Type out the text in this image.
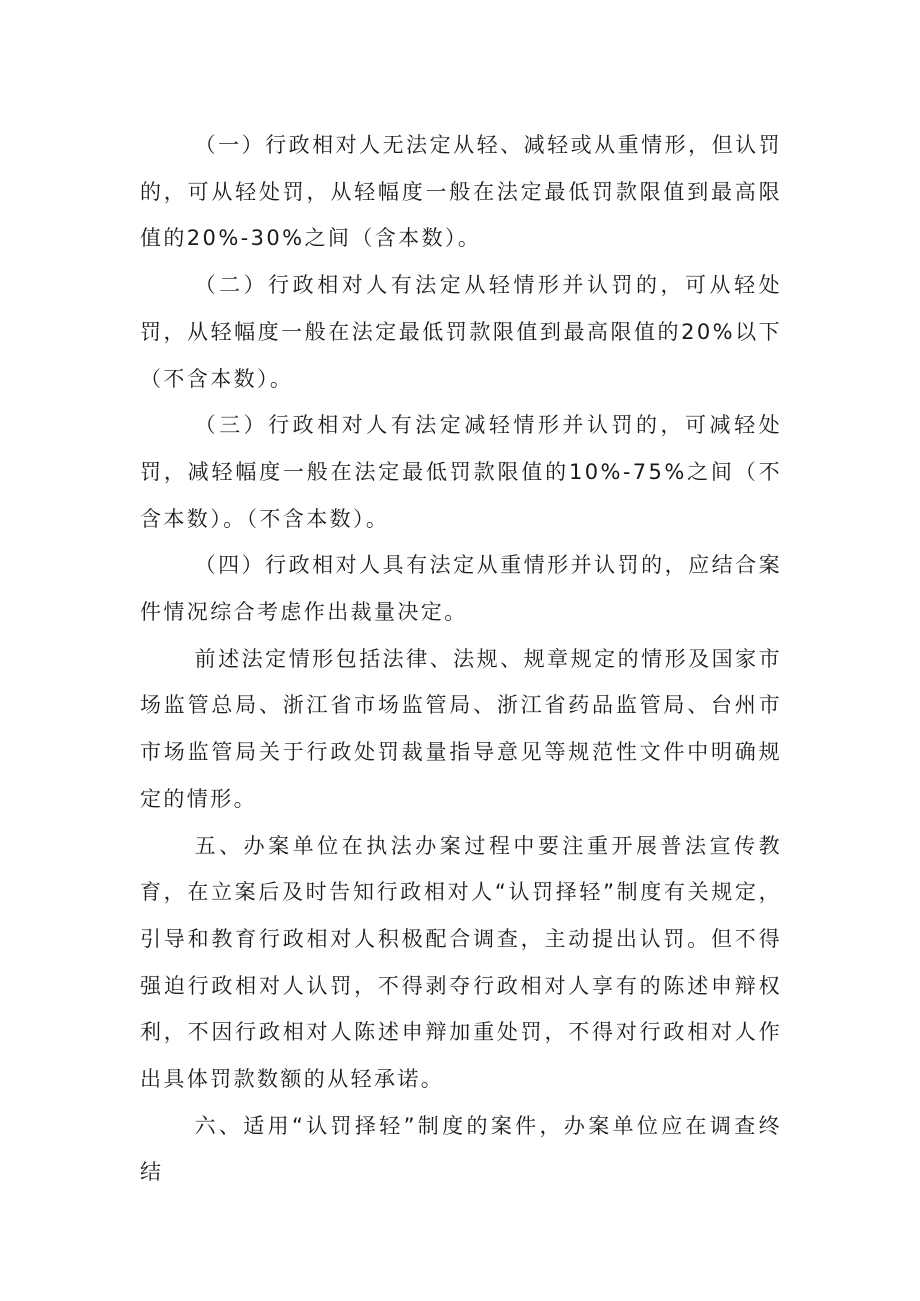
（一）行政相对人无法定从轻、减轻或从重情形，但认罚的，可从轻处罚，从轻幅度一般在法定最低罚款限值到最高限值的20%-30%之间（含本数）。

（二）行政相对人有法定从轻情形并认罚的，可从轻处罚，从轻幅度一般在法定最低罚款限值到最高限值的20%以下（不含本数）。

（三）行政相对人有法定减轻情形并认罚的，可减轻处罚，减轻幅度一般在法定最低罚款限值的10%-75%之间（不含本数）。（不含本数）。

（四）行政相对人具有法定从重情形并认罚的，应结合案件情况综合考虑作出裁量决定。

前述法定情形包括法律、法规、规章规定的情形及国家市场监管总局、浙江省市场监管局、浙江省药品监管局、台州市市场监管局关于行政处罚裁量指导意见等规范性文件中明确规定的情形。

五、办案单位在执法办案过程中要注重开展普法宣传教育，在立案后及时告知行政相对人“认罚择轻”制度有关规定，引导和教育行政相对人积极配合调查，主动提出认罚。但不得强迫行政相对人认罚，不得剥夺行政相对人享有的陈述申辩权利，不因行政相对人陈述申辩加重处罚，不得对行政相对人作出具体罚款数额的从轻承诺。

六、适用“认罚择轻”制度的案件，办案单位应在调查终结
